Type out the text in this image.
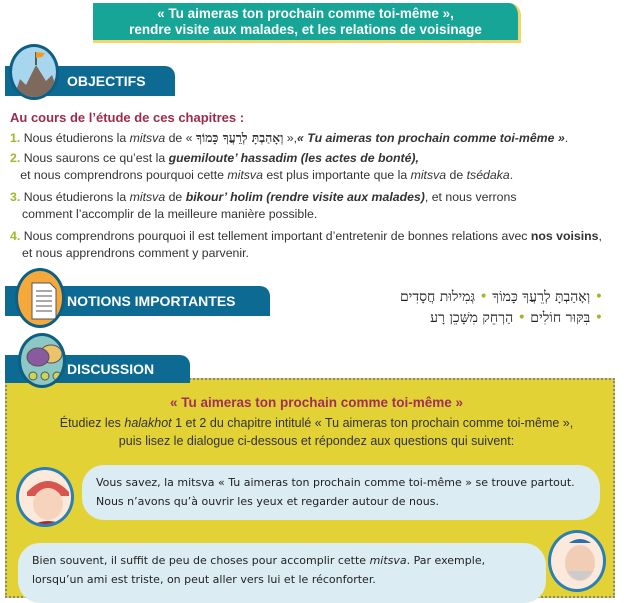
« Tu aimeras ton prochain comme toi-même »,
rendre visite aux malades, et les relations de voisinage
OBJECTIFS
Au cours de l’étude de ces chapitres :
1. Nous étudierons la mitsva de « וְאָהַבְתָּ לְרֵעֲךָ כָּמוֹךָ »,« Tu aimeras ton prochain comme toi-même ».
2. Nous saurons ce qu’est la guemiloute’ hassadim (les actes de bonté),
et nous comprendrons pourquoi cette mitsva est plus importante que la mitsva de tsédaka.
3. Nous étudierons la mitsva de bikour’ holim (rendre visite aux malades), et nous verrons comment l’accomplir de la meilleure manière possible.
4. Nous comprendrons pourquoi il est tellement important d’entretenir de bonnes relations avec nos voisins, et nous apprendrons comment y parvenir.
NOTIONS IMPORTANTES	• וְאָהַבְתָּ לְרֵעֲךָ כָּמוֹךָ • גְּמִילוּת חֲסָדִים
• בִּקּוּר חוֹלִים • הַרְחֵק מִשָּׁכֵן רָע
DISCUSSION
« Tu aimeras ton prochain comme toi-même »
Étudiez les halakhot 1 et 2 du chapitre intitulé « Tu aimeras ton prochain comme toi-même »,
puis lisez le dialogue ci-dessous et répondez aux questions qui suivent:
Vous savez, la mitsva « Tu aimeras ton prochain comme toi-même » se trouve partout. Nous n’avons qu’à ouvrir les yeux et regarder autour de nous.
Bien souvent, il suffit de peu de choses pour accomplir cette mitsva. Par exemple, lorsqu’un ami est triste, on peut aller vers lui et le réconforter.
